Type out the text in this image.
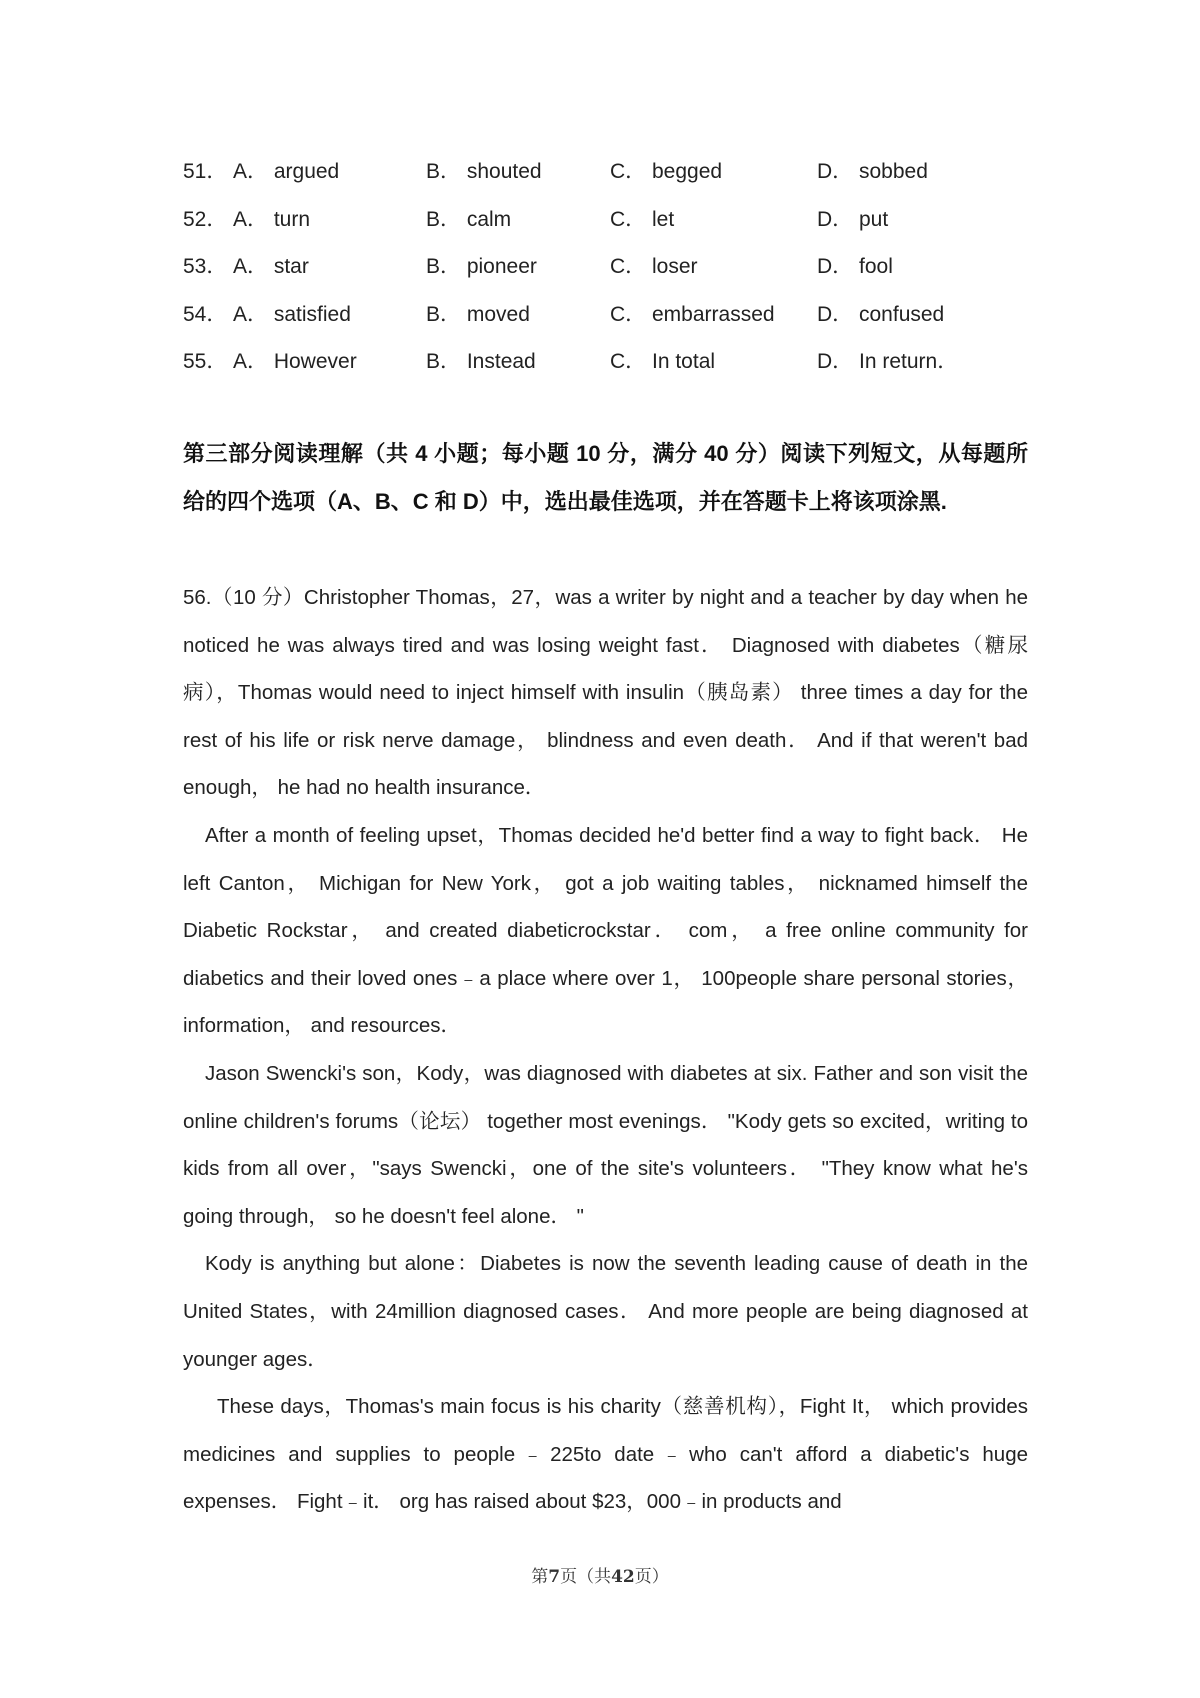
51． A． argued	B． shouted	C． begged	D． sobbed
52． A． turn	B． calm	C． let	D． put
53． A． star	B． pioneer	C． loser	D． fool
54． A． satisfied	B． moved	C． embarrassed D． confused
55． A． However	B． Instead	C． In total	D． In return．
第三部分阅读理解（共 4 小题；每小题 10 分，满分 40 分）阅读下列短文，从每题所给的四个选项（A、B、C 和 D）中，选出最佳选项，并在答题卡上将该项涂黑.

56.（10 分）Christopher Thomas，27，was a writer by night and a teacher by day when he noticed he was always tired and was losing weight fast． Diagnosed with diabetes（糖尿病），Thomas would need to inject himself with insulin（胰岛素） three times a day for the rest of his life or risk nerve damage， blindness and even death． And if that weren't bad enough， he had no health insurance．

After a month of feeling upset，Thomas decided he'd better find a way to fight back． He left Canton， Michigan for New York， got a job waiting tables， nicknamed himself the Diabetic Rockstar， and created diabeticrockstar． com， a free online community for diabetics and their loved ones﹣a place where over 1， 100people share personal stories， information， and resources．

Jason Swencki's son，Kody，was diagnosed with diabetes at six. Father and son visit the online children's forums（论坛） together most evenings． "Kody gets so excited，writing to kids from all over，"says Swencki，one of the site's volunteers． "They know what he's going through， so he doesn't feel alone． "

Kody is anything but alone：Diabetes is now the seventh leading cause of death in the United States，with 24million diagnosed cases． And more people are being diagnosed at younger ages．

These days，Thomas's main focus is his charity（慈善机构），Fight It， which provides medicines and supplies to people﹣225to date﹣who can't afford a diabetic's huge expenses． Fight﹣it． org has raised about $23，000﹣in products and

第7页（共42页）
